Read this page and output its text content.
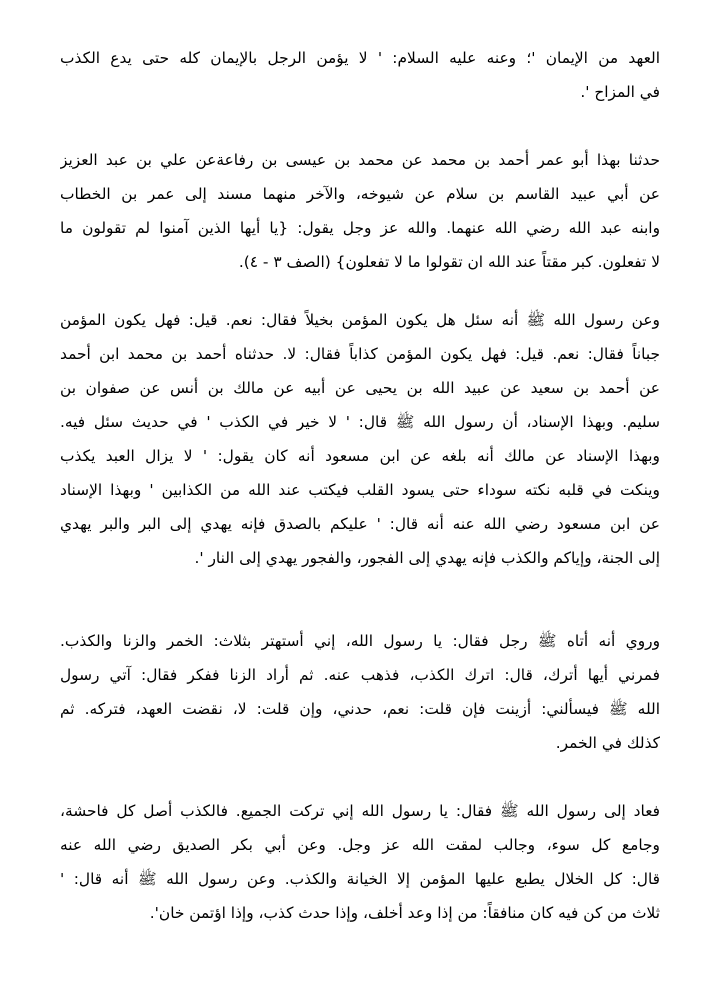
العهد من الإيمان '؛ وعنه عليه السلام: ' لا يؤمن الرجل بالإيمان كله حتى يدع الكذب
في المزاح '.
حدثنا بهذا أبو عمر أحمد بن محمد عن محمد بن عيسى بن رفاعةعن علي بن عبد العزيز
عن أبي عبيد القاسم بن سلام عن شيوخه، والآخر منهما مسند إلى عمر بن الخطاب
وابنه عبد الله رضي الله عنهما. والله عز وجل يقول: {يا أيها الذين آمنوا لم تقولون ما
لا تفعلون. كبر مقتاً عند الله ان تقولوا ما لا تفعلون} (الصف ٣ - ٤).
وعن رسول الله ﷺ أنه سئل هل يكون المؤمن بخيلاً فقال: نعم. قيل: فهل يكون المؤمن
جباناً فقال: نعم. قيل: فهل يكون المؤمن كذاباً فقال: لا. حدثناه أحمد بن محمد ابن أحمد
عن أحمد بن سعيد عن عبيد الله بن يحيى عن أبيه عن مالك بن أنس عن صفوان بن
سليم. وبهذا الإسناد، أن رسول الله ﷺ قال: ' لا خير في الكذب ' في حديث سئل فيه.
وبهذا الإسناد عن مالك أنه بلغه عن ابن مسعود أنه كان يقول: ' لا يزال العبد يكذب
وينكت في قلبه نكته سوداء حتى يسود القلب فيكتب عند الله من الكذابين ' وبهذا الإسناد
عن ابن مسعود رضي الله عنه أنه قال: ' عليكم بالصدق فإنه يهدي إلى البر والبر يهدي
إلى الجنة، وإياكم والكذب فإنه يهدي إلى الفجور، والفجور يهدي إلى النار '.
وروي أنه أتاه ﷺ رجل فقال: يا رسول الله، إني أستهتر بثلاث: الخمر والزنا والكذب.
فمرني أيها أترك، قال: اترك الكذب، فذهب عنه. ثم أراد الزنا ففكر فقال: آتي رسول
الله ﷺ فيسألني: أزينت فإن قلت: نعم، حدني، وإن قلت: لا، نقضت العهد، فتركه. ثم
كذلك في الخمر.
فعاد إلى رسول الله ﷺ فقال: يا رسول الله إني تركت الجميع. فالكذب أصل كل فاحشة،
وجامع كل سوء، وجالب لمقت الله عز وجل. وعن أبي بكر الصديق رضي الله عنه
قال: كل الخلال يطبع عليها المؤمن إلا الخيانة والكذب. وعن رسول الله ﷺ أنه قال: '
ثلاث من كن فيه كان منافقاً: من إذا وعد أخلف، وإذا حدث كذب، وإذا اؤتمن خان'.
